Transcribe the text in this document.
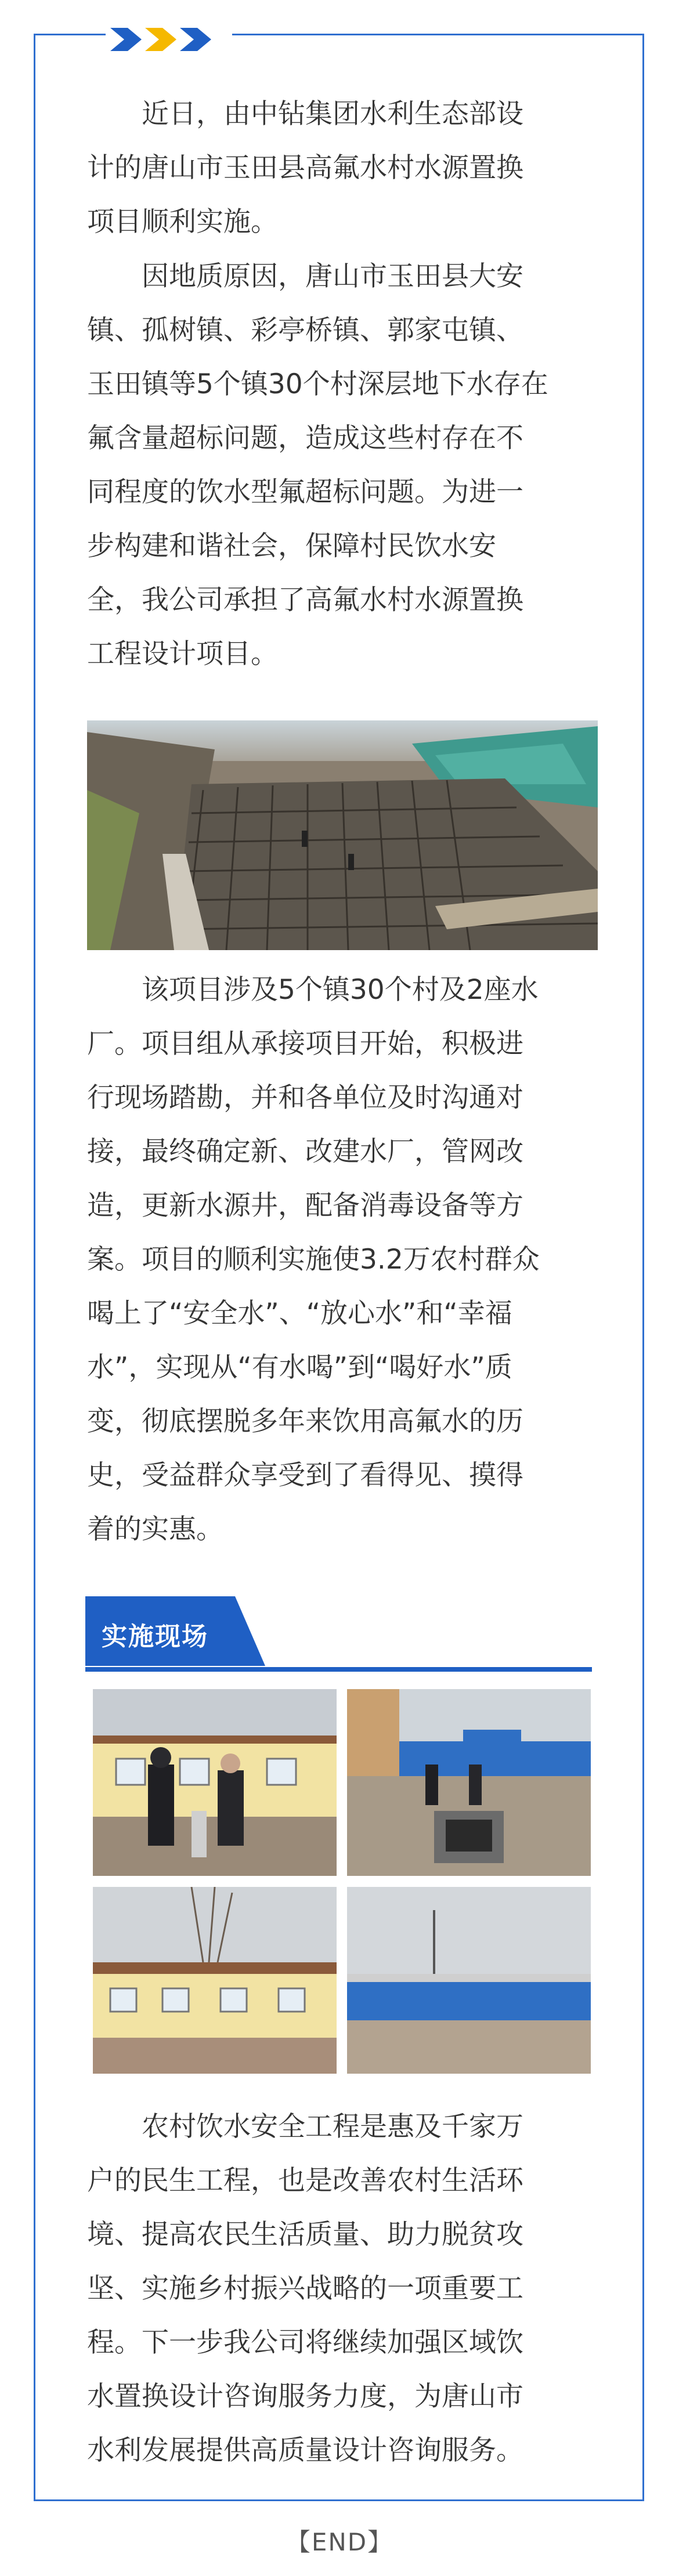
　　近日，由中钻集团水利生态部设
计的唐山市玉田县高氟水村水源置换
项目顺利实施。

　　因地质原因，唐山市玉田县大安
镇、孤树镇、彩亭桥镇、郭家屯镇、
玉田镇等5个镇30个村深层地下水存在
氟含量超标问题，造成这些村存在不
同程度的饮水型氟超标问题。为进一
步构建和谐社会，保障村民饮水安
全，我公司承担了高氟水村水源置换
工程设计项目。

　　该项目涉及5个镇30个村及2座水
厂。项目组从承接项目开始，积极进
行现场踏勘，并和各单位及时沟通对
接，最终确定新、改建水厂，管网改
造，更新水源井，配备消毒设备等方
案。项目的顺利实施使3.2万农村群众
喝上了“安全水”、“放心水”和“幸福
水”，实现从“有水喝”到“喝好水”质
变，彻底摆脱多年来饮用高氟水的历
史，受益群众享受到了看得见、摸得
着的实惠。

实施现场

　　农村饮水安全工程是惠及千家万
户的民生工程，也是改善农村生活环
境、提高农民生活质量、助力脱贫攻
坚、实施乡村振兴战略的一项重要工
程。下一步我公司将继续加强区域饮
水置换设计咨询服务力度，为唐山市
水利发展提供高质量设计咨询服务。

【END】
